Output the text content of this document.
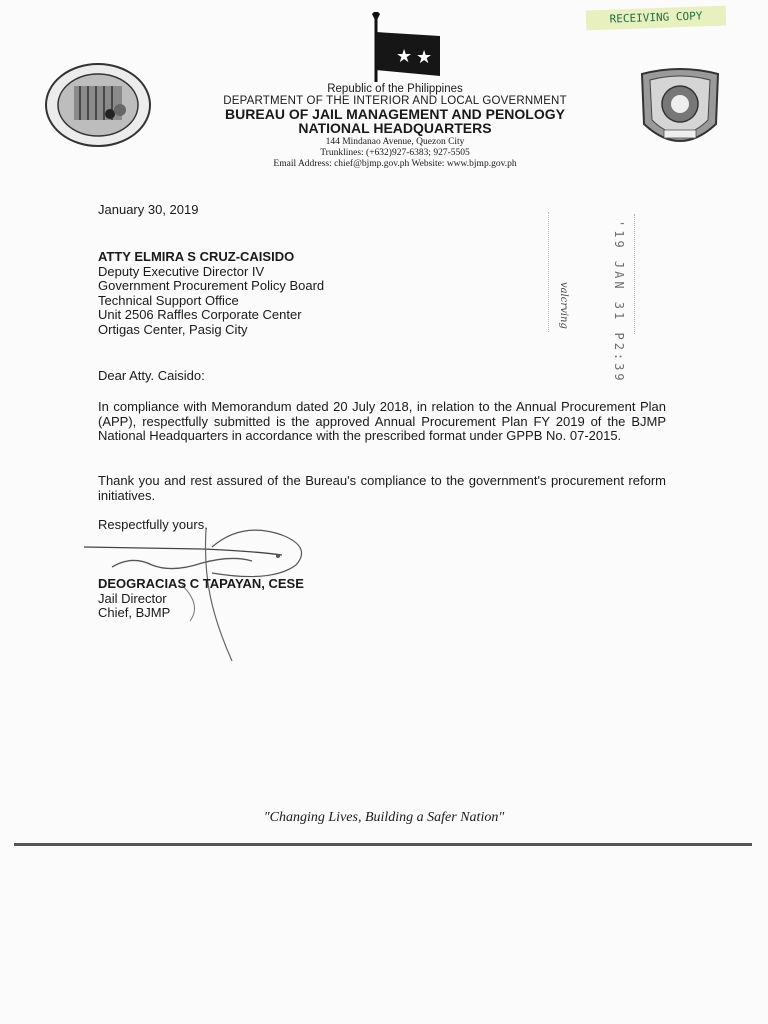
RECEIVING COPY
★ ★
Republic of the Philippines
DEPARTMENT OF THE INTERIOR AND LOCAL GOVERNMENT
BUREAU OF JAIL MANAGEMENT AND PENOLOGY
NATIONAL HEADQUARTERS
144 Mindanao Avenue, Quezon City
Trunklines: (+632)927-6383; 927-5505
Email Address: chief@bjmp.gov.ph Website: www.bjmp.gov.ph
January 30, 2019
ATTY ELMIRA S CRUZ-CAISIDO
Deputy Executive Director IV
Government Procurement Policy Board
Technical Support Office
Unit 2506 Raffles Corporate Center
Ortigas Center, Pasig City	'19 JAN 31 P2:39
valcrving
Dear Atty. Caisido:
In compliance with Memorandum dated 20 July 2018, in relation to the Annual Procurement Plan (APP), respectfully submitted is the approved Annual Procurement Plan FY 2019 of the BJMP National Headquarters in accordance with the prescribed format under GPPB No. 07-2015.
Thank you and rest assured of the Bureau's compliance to the government's procurement reform initiatives.
Respectfully yours,
DEOGRACIAS C TAPAYAN, CESE
Jail Director
Chief, BJMP
"Changing Lives, Building a Safer Nation"
